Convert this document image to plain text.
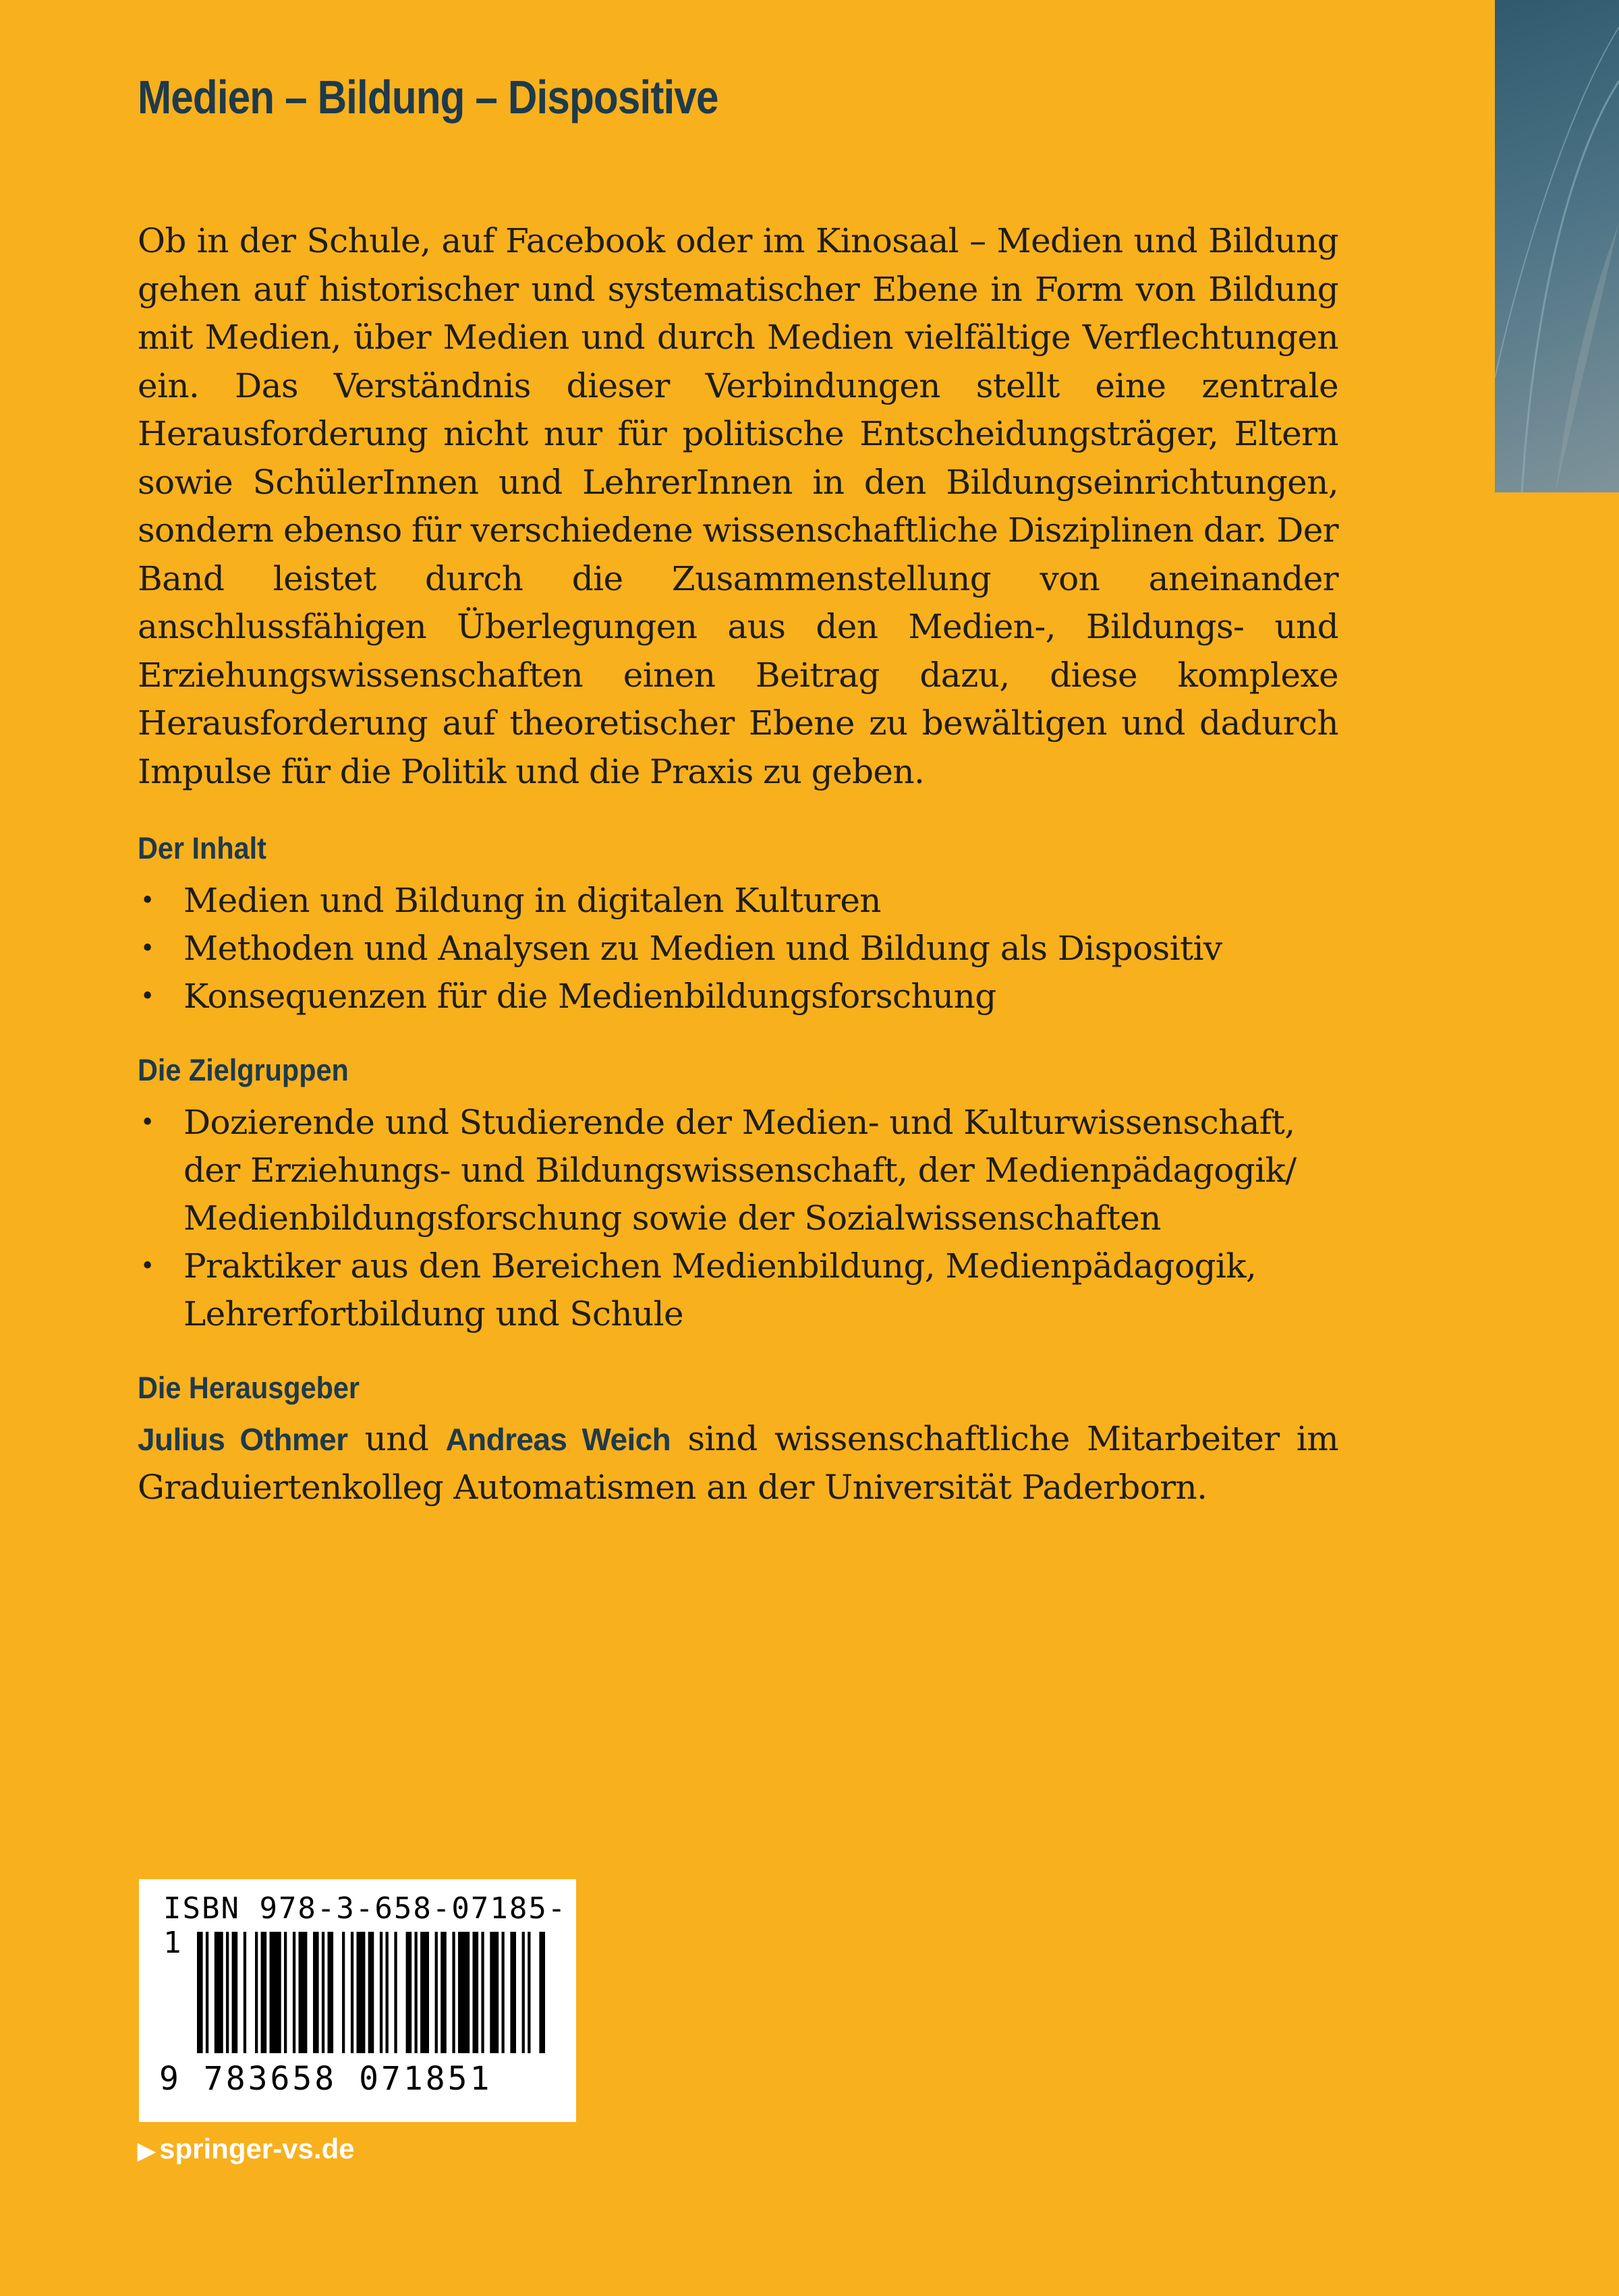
Medien – Bildung – Dispositive

Ob in der Schule, auf Facebook oder im Kinosaal – Medien und Bildung gehen auf historischer und systematischer Ebene in Form von Bildung mit Medien, über Medien und durch Medien vielfältige Verflechtungen ein. Das Verständnis dieser Verbindungen stellt eine zentrale Herausforderung nicht nur für politische Entscheidungsträger, Eltern sowie SchülerInnen und LehrerInnen in den Bildungseinrichtungen, sondern ebenso für verschiedene wissenschaftliche Disziplinen dar. Der Band leistet durch die Zusammenstellung von aneinander anschlussfähigen Überlegungen aus den Medien-, Bildungs- und Erziehungswissenschaften einen Beitrag dazu, diese komplexe Herausforderung auf theoretischer Ebene zu bewältigen und dadurch Impulse für die Politik und die Praxis zu geben.

Der Inhalt
• Medien und Bildung in digitalen Kulturen
• Methoden und Analysen zu Medien und Bildung als Dispositiv
• Konsequenzen für die Medienbildungsforschung
Die Zielgruppen
• Dozierende und Studierende der Medien- und Kulturwissenschaft, der Erziehungs- und Bildungswissenschaft, der Medienpädagogik/ Medienbildungsforschung sowie der Sozialwissenschaften
• Praktiker aus den Bereichen Medienbildung, Medienpädagogik, Lehrerfortbildung und Schule
Die Herausgeber

Julius Othmer und Andreas Weich sind wissenschaftliche Mitarbeiter im Graduiertenkolleg Automatismen an der Universität Paderborn.

ISBN 978-3-658-07185-1
9 783658 071851
▶ springer-vs.de
